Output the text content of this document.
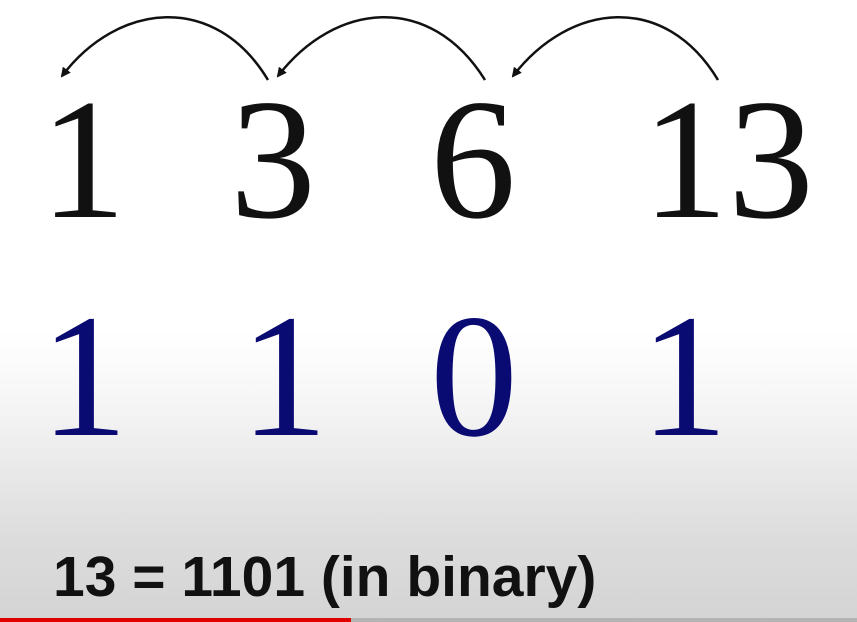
1 3 6 13

1 1 0 1

13 = 1101 (in binary)
